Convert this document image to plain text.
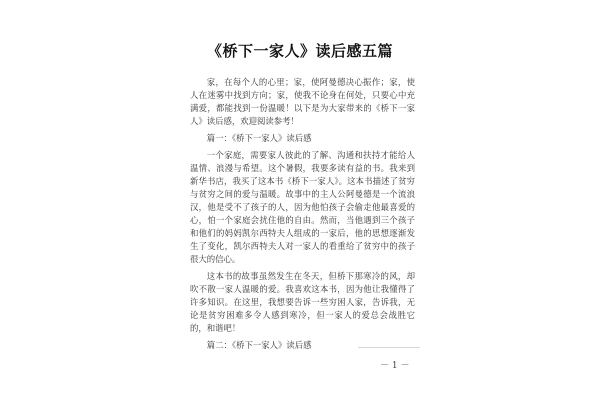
《桥下一家人》读后感五篇

家，在每个人的心里；家，使阿曼德决心振作；家，使人在迷雾中找到方向；家，使我不论身在何处，只要心中充满爱，都能找到一份温暖！以下是为大家带来的《桥下一家人》读后感，欢迎阅读参考！

篇一：《桥下一家人》读后感

一个家庭，需要家人彼此的了解、沟通和扶持才能给人温情、浪漫与希望。这个暑假，我要多读有益的书。我来到新华书店，我买了这本书《桥下一家人》。这本书描述了贫穷与贫穷之间的爱与温暖。故事中的主人公阿曼德是一个流浪汉，他是受不了孩子的人，因为他怕孩子会偷走他最喜爱的心，怕一个家庭会扰住他的自由。然而，当他遇到三个孩子和他们的妈妈凯尔西特夫人组成的一家后，他的思想逐渐发生了变化，凯尔西特夫人对一家人的看重给了贫穷中的孩子很大的信心。

这本书的故事虽然发生在冬天，但桥下那寒冷的风，却吹不散一家人温暖的爱。我喜欢这本书，因为他让我懂得了许多知识。在这里，我想要告诉一些穷困人家，告诉我，无论是贫穷困难多令人感到寒冷，但一家人的爱总会战胜它的，和谐吧！

篇二：《桥下一家人》读后感

－ 1 －
